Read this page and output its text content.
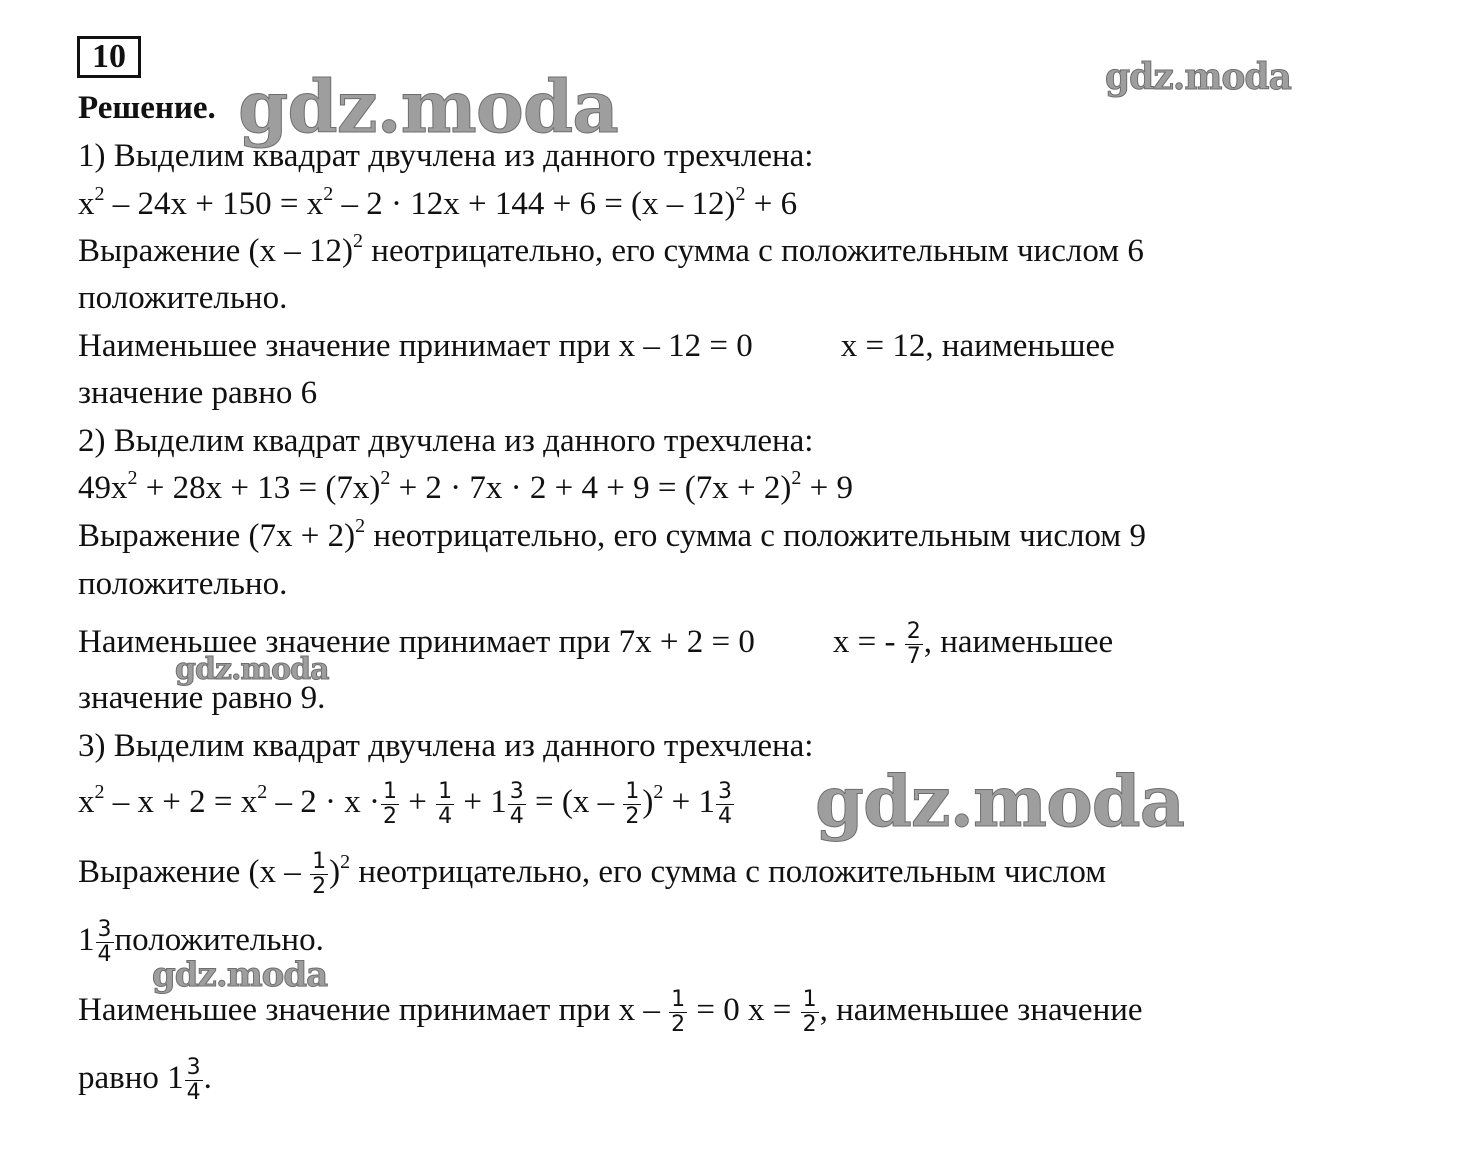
10
Решение.
1) Выделим квадрат двучлена из данного трехчлена:
$x^2 - 24x + 150 = x^2 - 2 \cdot 12x + 144 + 6 = (x - 12)^2 + 6$
Выражение (x – 12)$^2$ неотрицательно, его сумма с положительным числом 6
положительно.
Наименьшее значение принимает при x – 12 = 0	x = 12, наименьшее
значение равно 6
2) Выделим квадрат двучлена из данного трехчлена:
$49x^2 + 28x + 13 = (7x)^2 + 2 \cdot 7x \cdot 2 + 4 + 9 = (7x + 2)^2 + 9$
Выражение $(7x + 2)^2$ неотрицательно, его сумма с положительным числом 9
положительно.
Наименьшее значение принимает при 7x + 2 = 0 x = - $\frac{2}{7}$ , наименьшее
значение равно 9.
3) Выделим квадрат двучлена из данного трехчлена:
$x^2 - x + 2 = x^2 - 2 \cdot x \cdot \frac{1}{2} + \frac{1}{4} + 1 \frac{3}{4} = (x - \frac{1}{2} )^2 + 1 \frac{3}{4}$
Выражение $(x - \frac{1}{2} )^2$ неотрицательно, его сумма с положительным числом
$1 \frac{3}{4}$ положительно.
Наименьшее значение принимает при $x - \frac{1}{2} = 0$ $x = \frac{1}{2}$ , наименьшее значение
равно $1 \frac{3}{4}$ .
gdz.moda	gdz.moda
gdz.moda
gdz.moda
gdz.moda
